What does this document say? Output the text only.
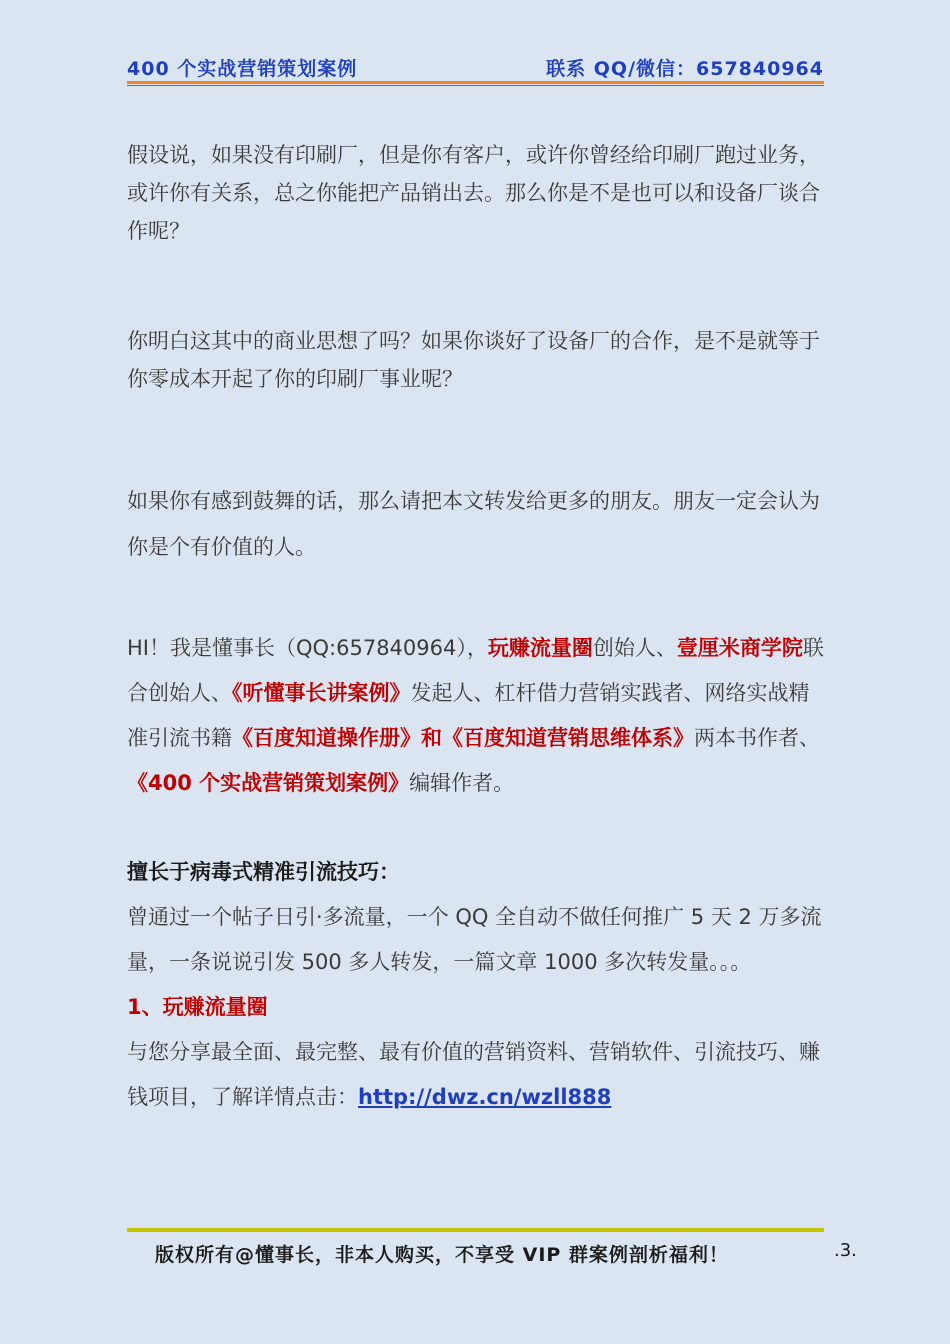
400 个实战营销策划案例	联系 QQ/微信：657840964

假设说，如果没有印刷厂，但是你有客户，或许你曾经给印刷厂跑过业务，或许你有关系，总之你能把产品销出去。那么你是不是也可以和设备厂谈合作呢？

你明白这其中的商业思想了吗？如果你谈好了设备厂的合作，是不是就等于你零成本开起了你的印刷厂事业呢？

如果你有感到鼓舞的话，那么请把本文转发给更多的朋友。朋友一定会认为你是个有价值的人。

HI！我是懂事长（QQ:657840964），玩赚流量圈创始人、壹厘米商学院联合创始人、《听懂事长讲案例》发起人、杠杆借力营销实践者、网络实战精准引流书籍《百度知道操作册》和《百度知道营销思维体系》两本书作者、《400 个实战营销策划案例》编辑作者。

擅长于病毒式精准引流技巧：

曾通过一个帖子日引·多流量，一个 QQ 全自动不做任何推广 5 天 2 万多流量，一条说说引发 500 多人转发，一篇文章 1000 多次转发量。。。

1、玩赚流量圈

与您分享最全面、最完整、最有价值的营销资料、营销软件、引流技巧、赚钱项目，了解详情点击：http://dwz.cn/wzll888

版权所有@懂事长，非本人购买，不享受 VIP 群案例剖析福利！	.3.
